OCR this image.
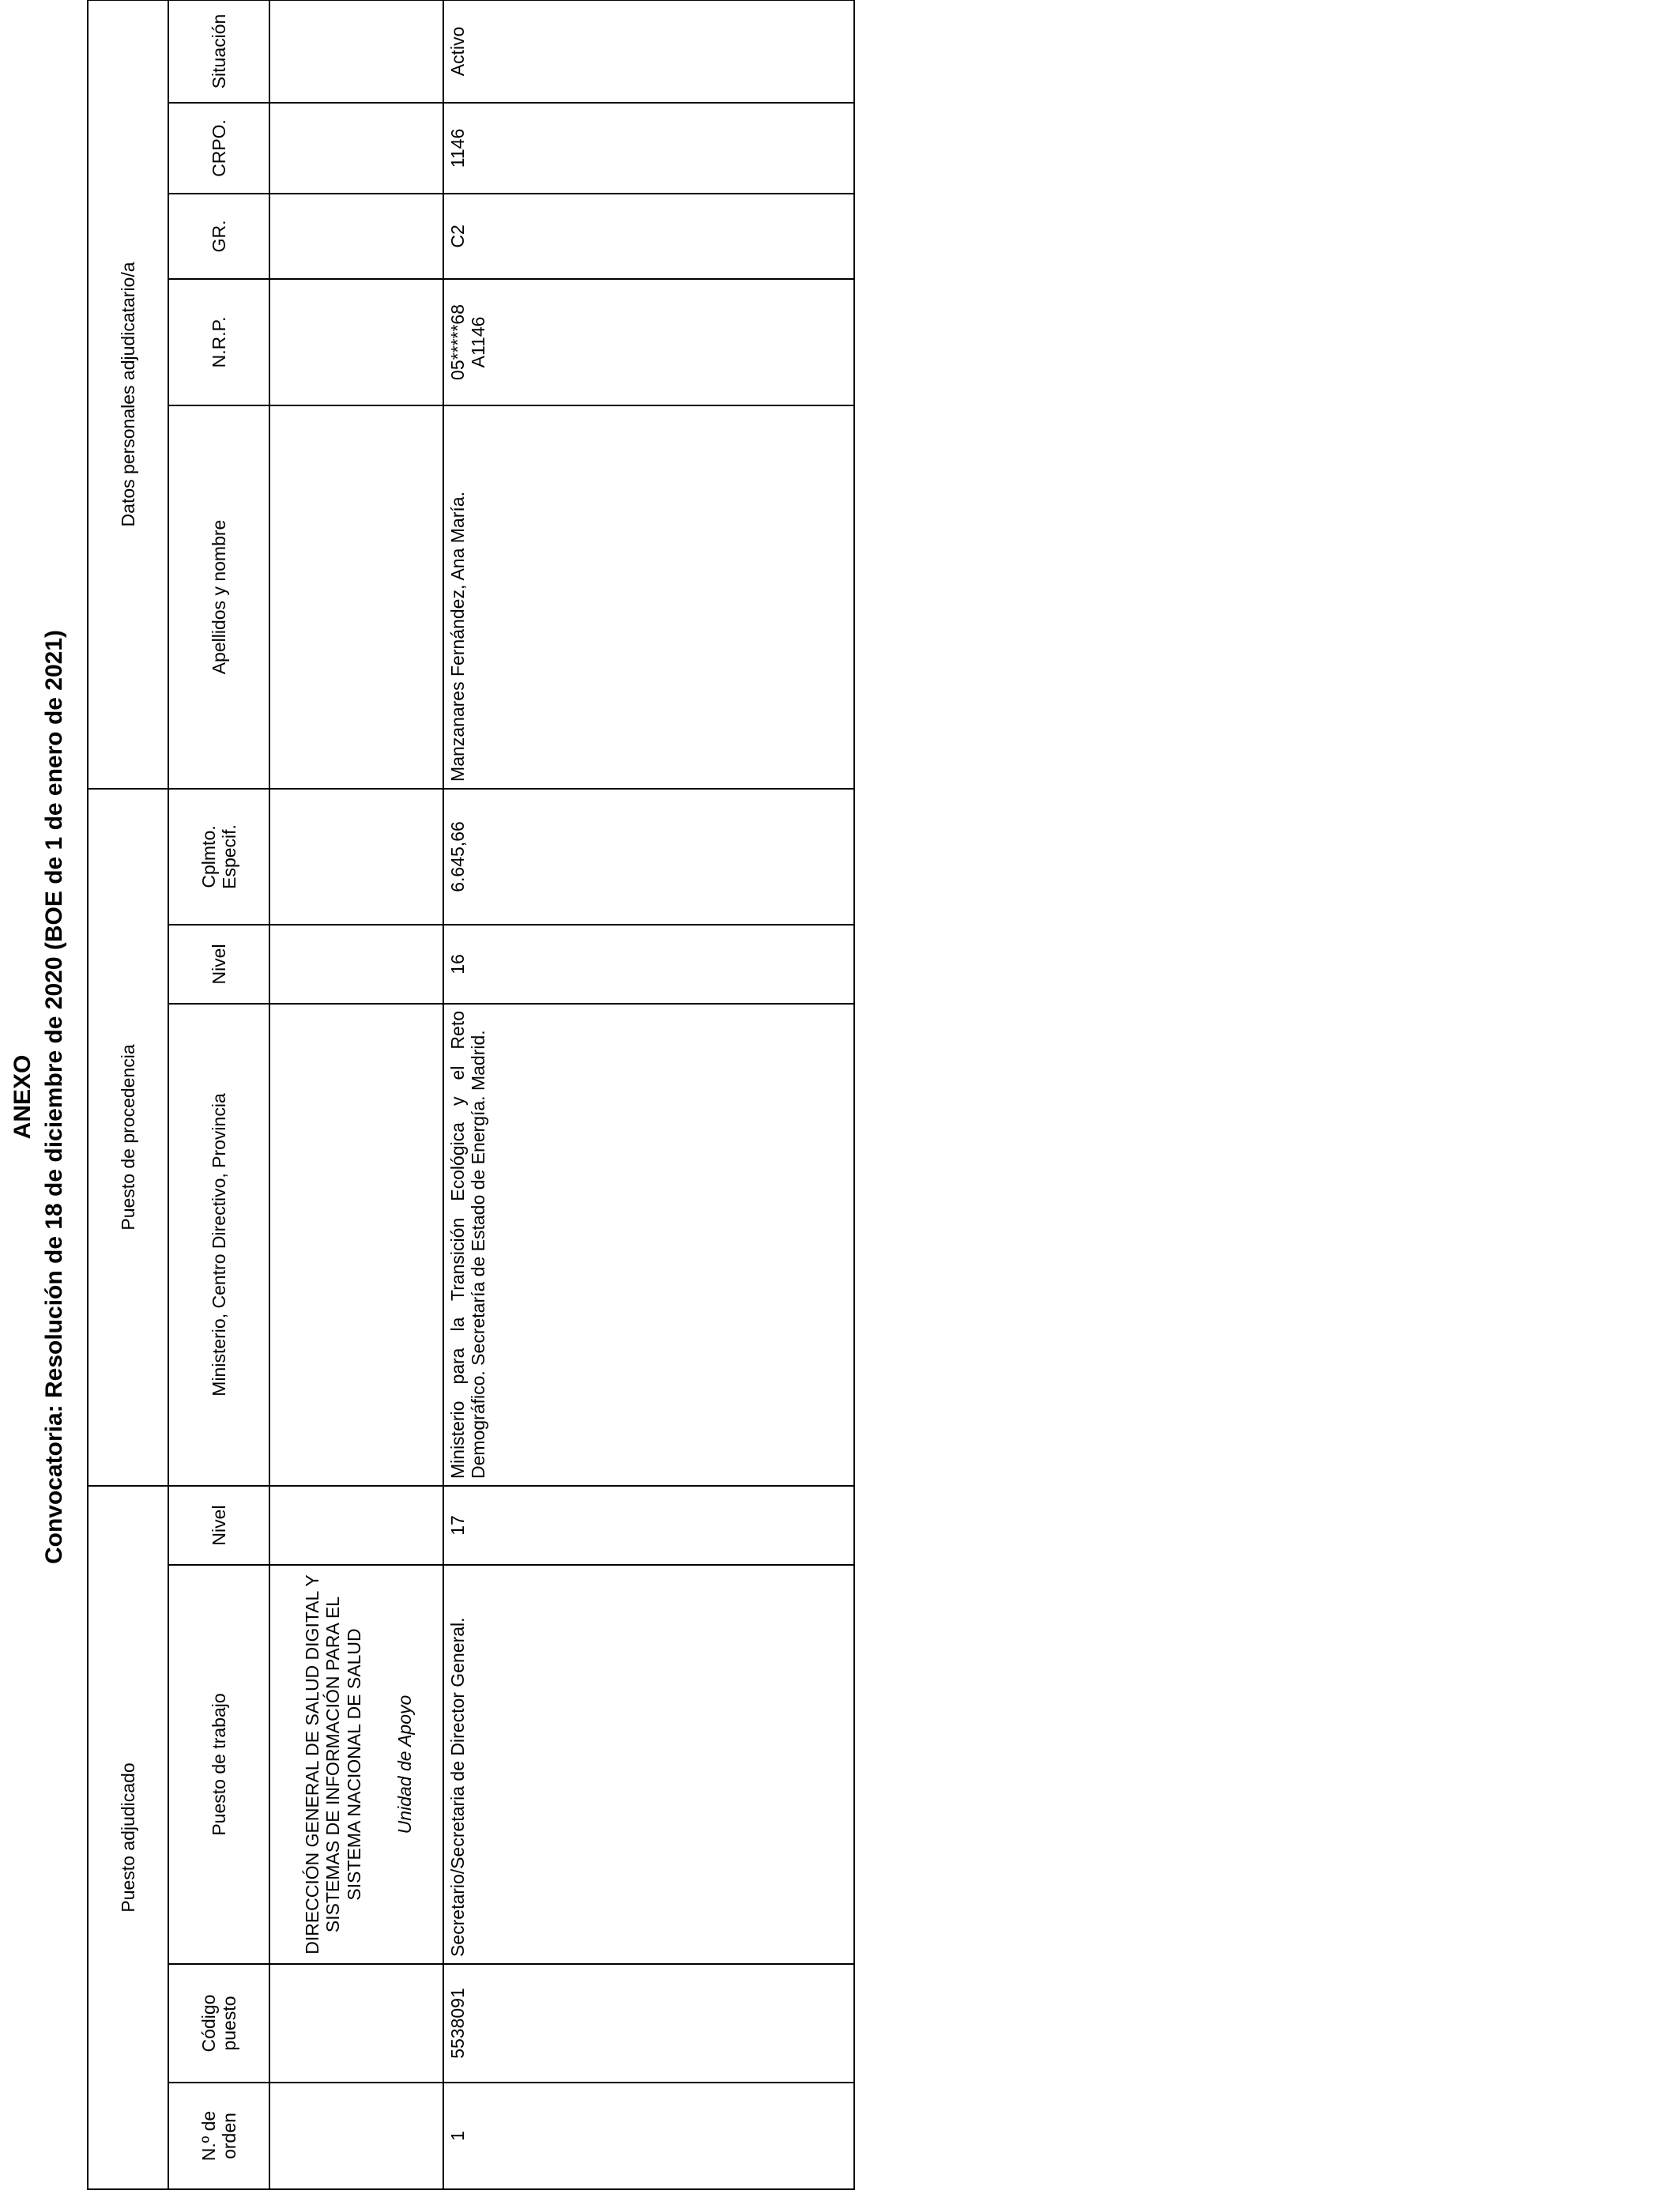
ANEXO Convocatoria: Resolución de 18 de diciembre de 2020 (BOE de 1 de enero de 2021)
Puesto adjudicado				Puesto de procedencia			Datos personales adjudicatario/a				
N.º de orden	Código puesto	Puesto de trabajo	Nivel	Ministerio, Centro Directivo, Provincia	Nivel	Cplmto. Especif.	Apellidos y nombre	N.R.P.	GR.	CRPO.	Situación

		DIRECCIÓN GENERAL DE SALUD DIGITAL Y SISTEMAS DE INFORMACIÓN PARA EL SISTEMA NACIONAL DE SALUD Unidad de Apoyo									

1	5538091	Secretario/Secretaria de Director General.	17	Ministerio para la Transición Ecológica y el Reto Demográfico. Secretaría de Estado de Energía. Madrid.	16	6.645,66	Manzanares Fernández, Ana María.	05*****68 A1146	C2	1146	Activo
